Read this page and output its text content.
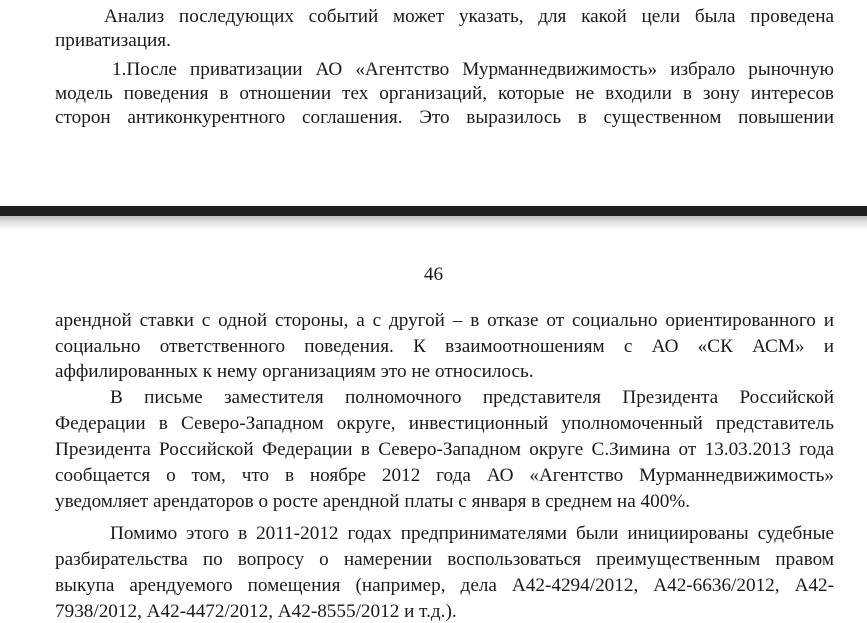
Анализ последующих событий может указать, для какой цели была проведена
приватизация.
1.После приватизации АО «Агентство Мурманнедвижимость» избрало рыночную
модель поведения в отношении тех организаций, которые не входили в зону интересов
сторон антиконкурентного соглашения. Это выразилось в существенном повышении
46
арендной ставки с одной стороны, а с другой – в отказе от социально ориентированного и
социально ответственного поведения. К взаимоотношениям с АО «СК АСМ» и
аффилированных к нему организациям это не относилось.
В письме заместителя полномочного представителя Президента Российской
Федерации в Северо-Западном округе, инвестиционный уполномоченный представитель
Президента Российской Федерации в Северо-Западном округе С.Зимина от 13.03.2013 года
сообщается о том, что в ноябре 2012 года АО «Агентство Мурманнедвижимость»
уведомляет арендаторов о росте арендной платы с января в среднем на 400%.
Помимо этого в 2011-2012 годах предпринимателями были инициированы судебные
разбирательства по вопросу о намерении воспользоваться преимущественным правом
выкупа арендуемого помещения (например, дела А42-4294/2012, А42-6636/2012, А42-
7938/2012, А42-4472/2012, А42-8555/2012 и т.д.).
